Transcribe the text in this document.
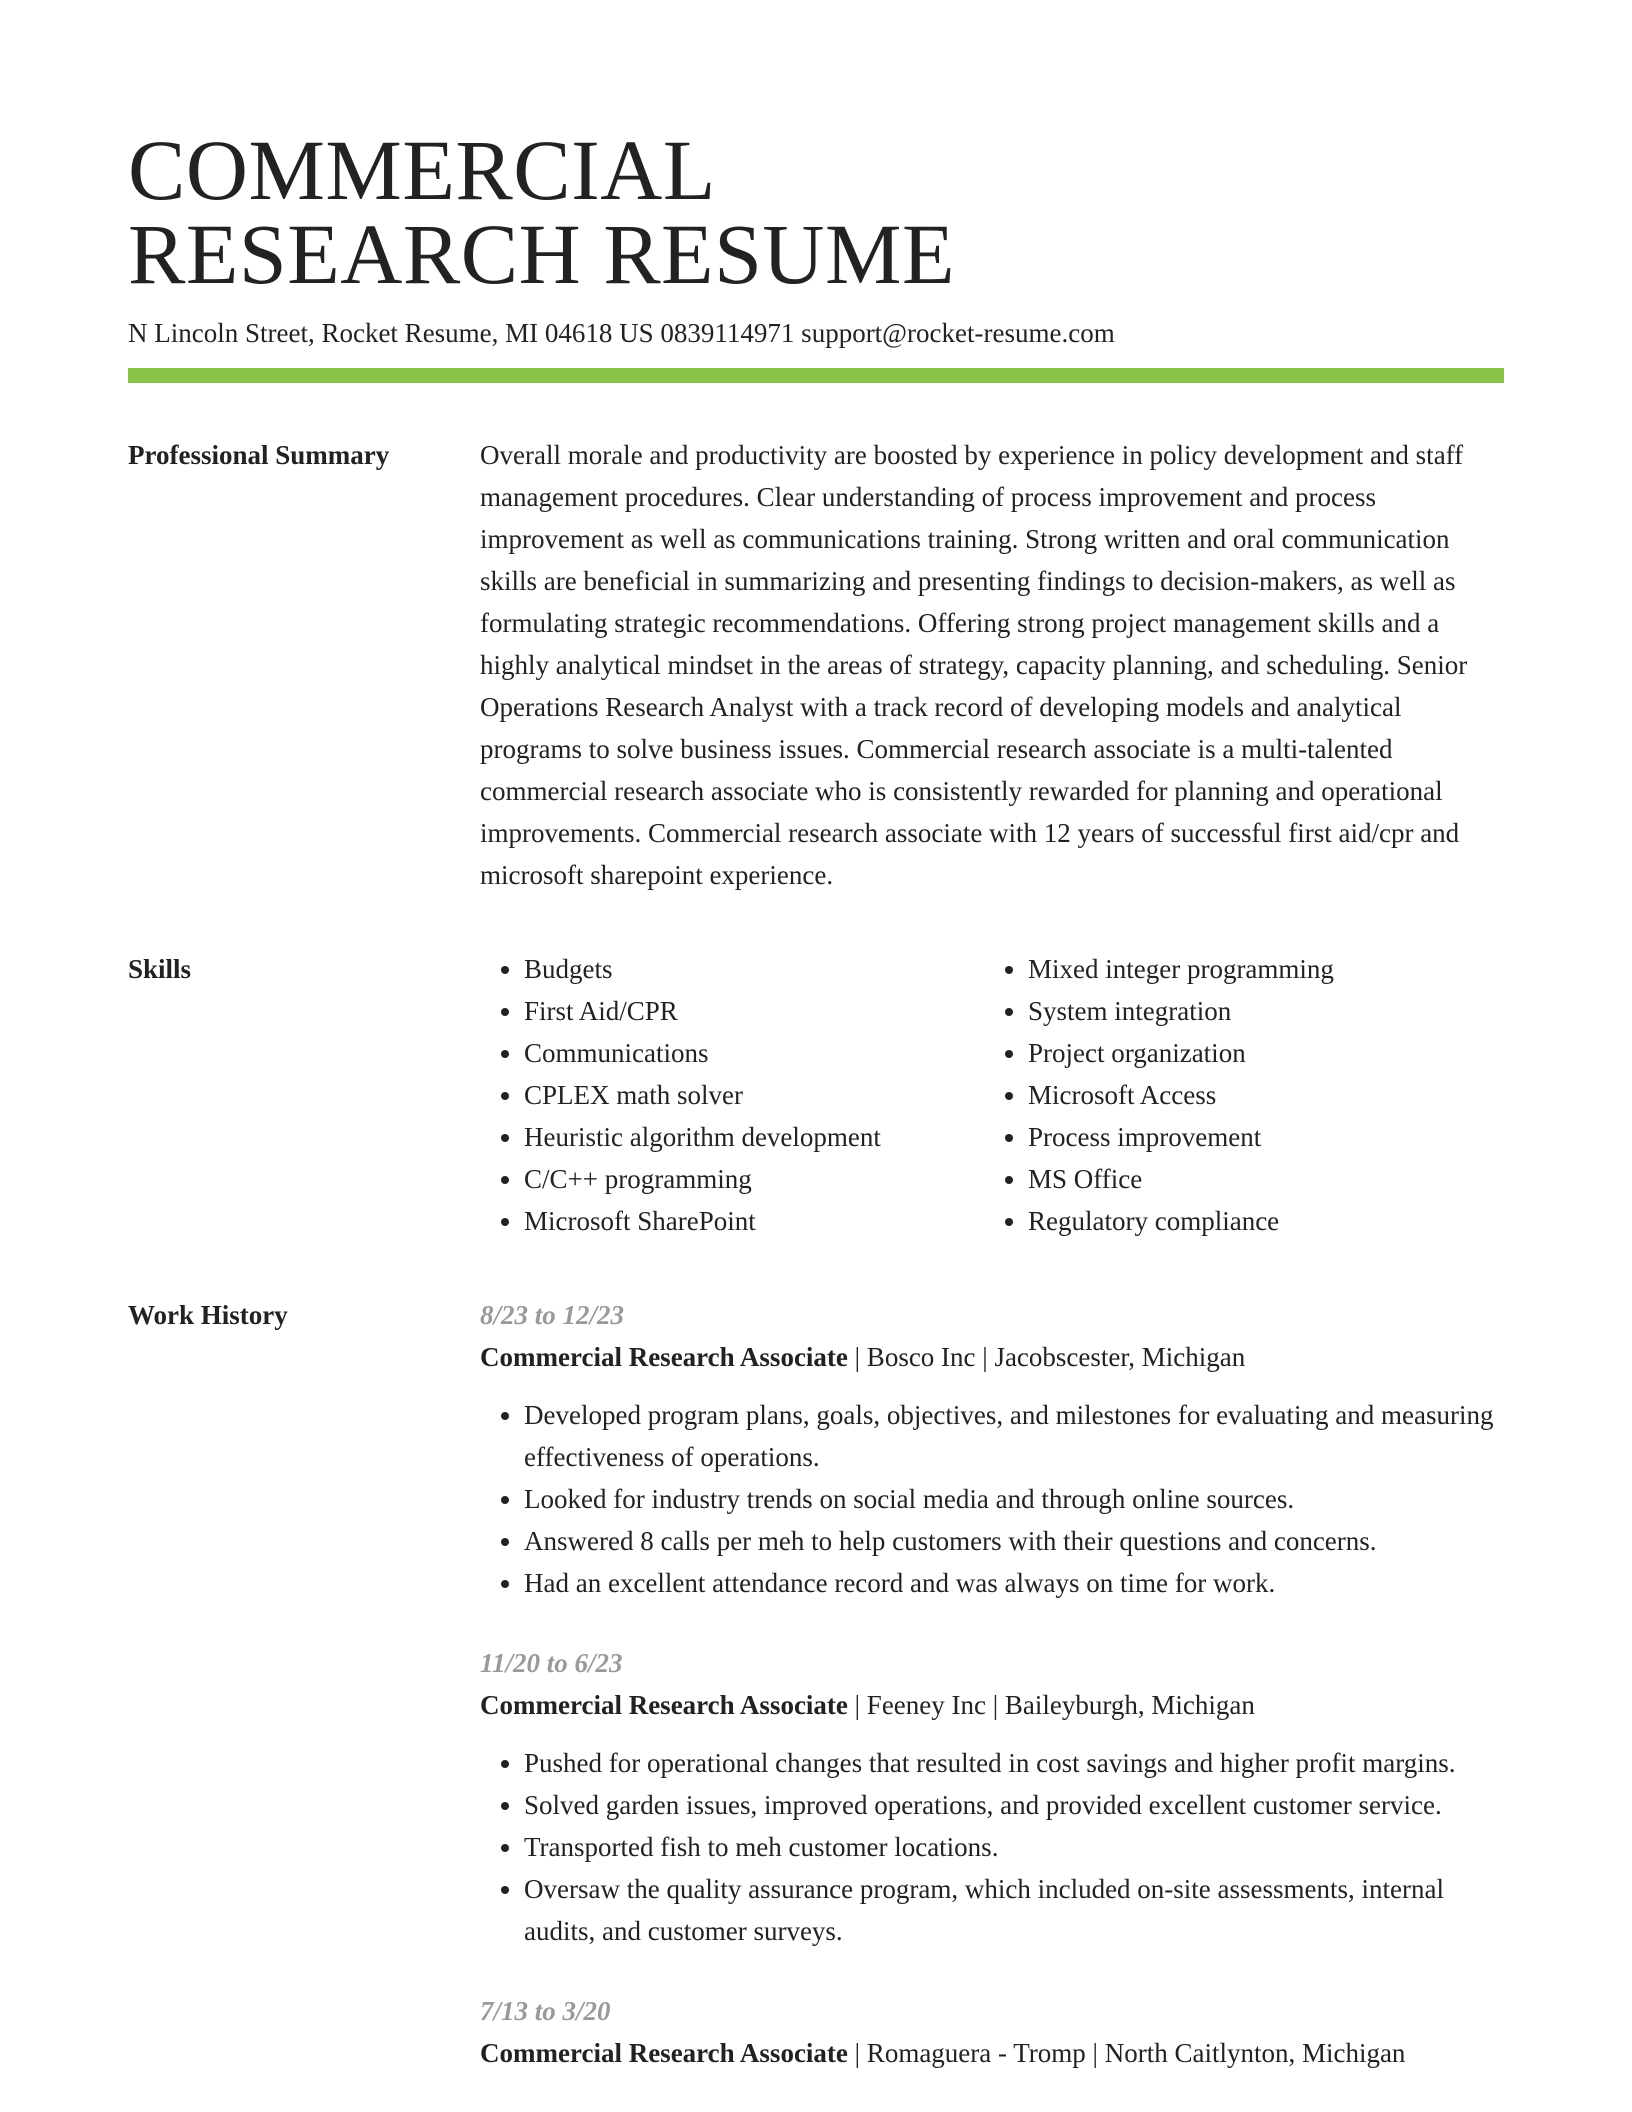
COMMERCIAL
RESEARCH RESUME
N Lincoln Street, Rocket Resume, MI 04618 US 0839114971 support@rocket-resume.com
Professional Summary	Overall morale and productivity are boosted by experience in policy development and staff management procedures. Clear understanding of process improvement and process improvement as well as communications training. Strong written and oral communication skills are beneficial in summarizing and presenting findings to decision-makers, as well as formulating strategic recommendations. Offering strong project management skills and a highly analytical mindset in the areas of strategy, capacity planning, and scheduling. Senior Operations Research Analyst with a track record of developing models and analytical programs to solve business issues. Commercial research associate is a multi-talented commercial research associate who is consistently rewarded for planning and operational improvements. Commercial research associate with 12 years of successful first aid/cpr and microsoft sharepoint experience.

Skills
•	Budgets
• First Aid/CPR
• Communications
• CPLEX math solver
• Heuristic algorithm development
• C/C++ programming
• Microsoft SharePoint
• Mixed integer programming
• System integration
• Project organization
• Microsoft Access
• Process improvement
• MS Office
• Regulatory compliance
Work History	8/23 to 12/23
Commercial Research Associate | Bosco Inc | Jacobscester, Michigan
• Developed program plans, goals, objectives, and milestones for evaluating and measuring effectiveness of operations.
• Looked for industry trends on social media and through online sources.
• Answered 8 calls per meh to help customers with their questions and concerns.
• Had an excellent attendance record and was always on time for work.
11/20 to 6/23
Commercial Research Associate | Feeney Inc | Baileyburgh, Michigan
• Pushed for operational changes that resulted in cost savings and higher profit margins.
• Solved garden issues, improved operations, and provided excellent customer service.
• Transported fish to meh customer locations.
• Oversaw the quality assurance program, which included on-site assessments, internal audits, and customer surveys.
7/13 to 3/20
Commercial Research Associate | Romaguera - Tromp | North Caitlynton, Michigan
